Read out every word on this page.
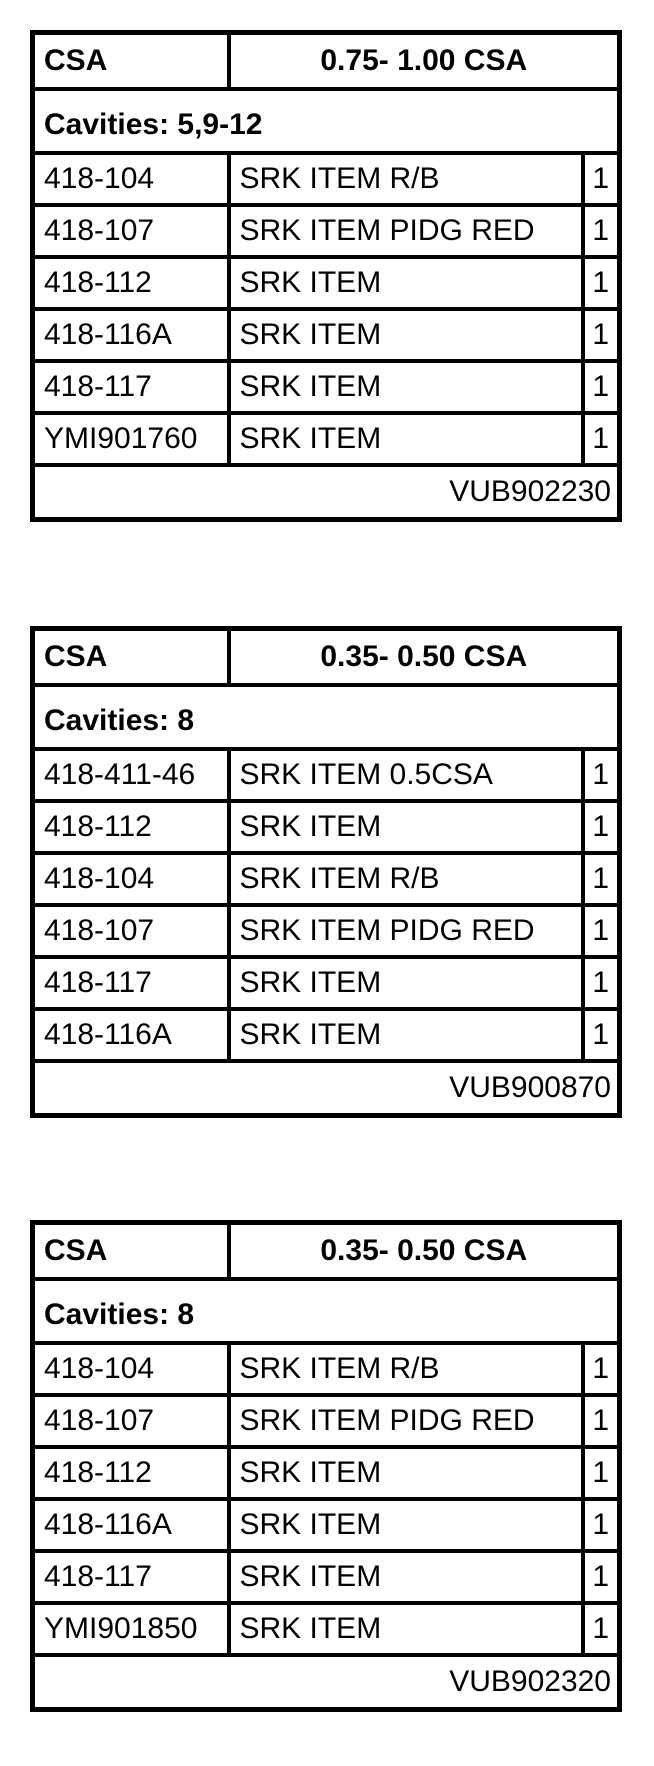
CSA	0.75- 1.00 CSA	
Cavities: 5,9-12		
418-104	SRK ITEM R/B	1
418-107	SRK ITEM PIDG RED	1
418-112	SRK ITEM	1
418-116A	SRK ITEM	1
418-117	SRK ITEM	1
YMI901760	SRK ITEM	1
VUB902230		
CSA	0.35- 0.50 CSA	
Cavities: 8		
418-411-46	SRK ITEM 0.5CSA	1
418-112	SRK ITEM	1
418-104	SRK ITEM R/B	1
418-107	SRK ITEM PIDG RED	1
418-117	SRK ITEM	1
418-116A	SRK ITEM	1
VUB900870		
CSA	0.35- 0.50 CSA	
Cavities: 8		
418-104	SRK ITEM R/B	1
418-107	SRK ITEM PIDG RED	1
418-112	SRK ITEM	1
418-116A	SRK ITEM	1
418-117	SRK ITEM	1
YMI901850	SRK ITEM	1
VUB902320		
